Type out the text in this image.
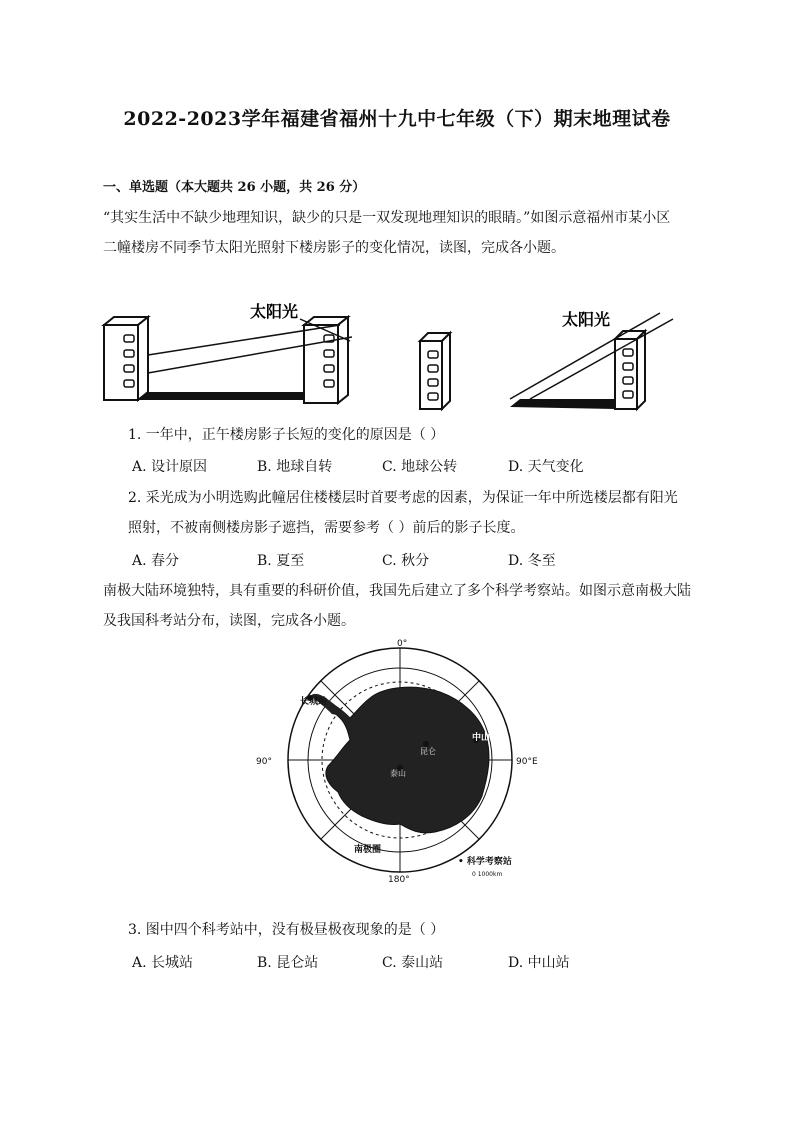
2022-2023学年福建省福州十九中七年级（下）期末地理试卷
一、单选题（本大题共 26 小题，共 26 分）
“其实生活中不缺少地理知识，缺少的只是一双发现地理知识的眼睛。”如图示意福州市某小区
二幢楼房不同季节太阳光照射下楼房影子的变化情况，读图，完成各小题。
太阳光	太阳光
1. 一年中，正午楼房影子长短的变化的原因是（ ）
A. 设计原因	B. 地球自转	C. 地球公转	D. 天气变化
2. 采光成为小明选购此幢居住楼楼层时首要考虑的因素，为保证一年中所选楼层都有阳光
照射，不被南侧楼房影子遮挡，需要参考（ ）前后的影子长度。
A. 春分	B. 夏至	C. 秋分	D. 冬至
南极大陆环境独特，具有重要的科研价值，我国先后建立了多个科学考察站。如图示意南极大陆
及我国科考站分布，读图，完成各小题。
0°
90°	90°E
180°
长城站
中山站
泰山
昆仑
南极圈
• 科学考察站
0 1000km
3. 图中四个科考站中，没有极昼极夜现象的是（ ）
A. 长城站	B. 昆仑站	C. 泰山站	D. 中山站
